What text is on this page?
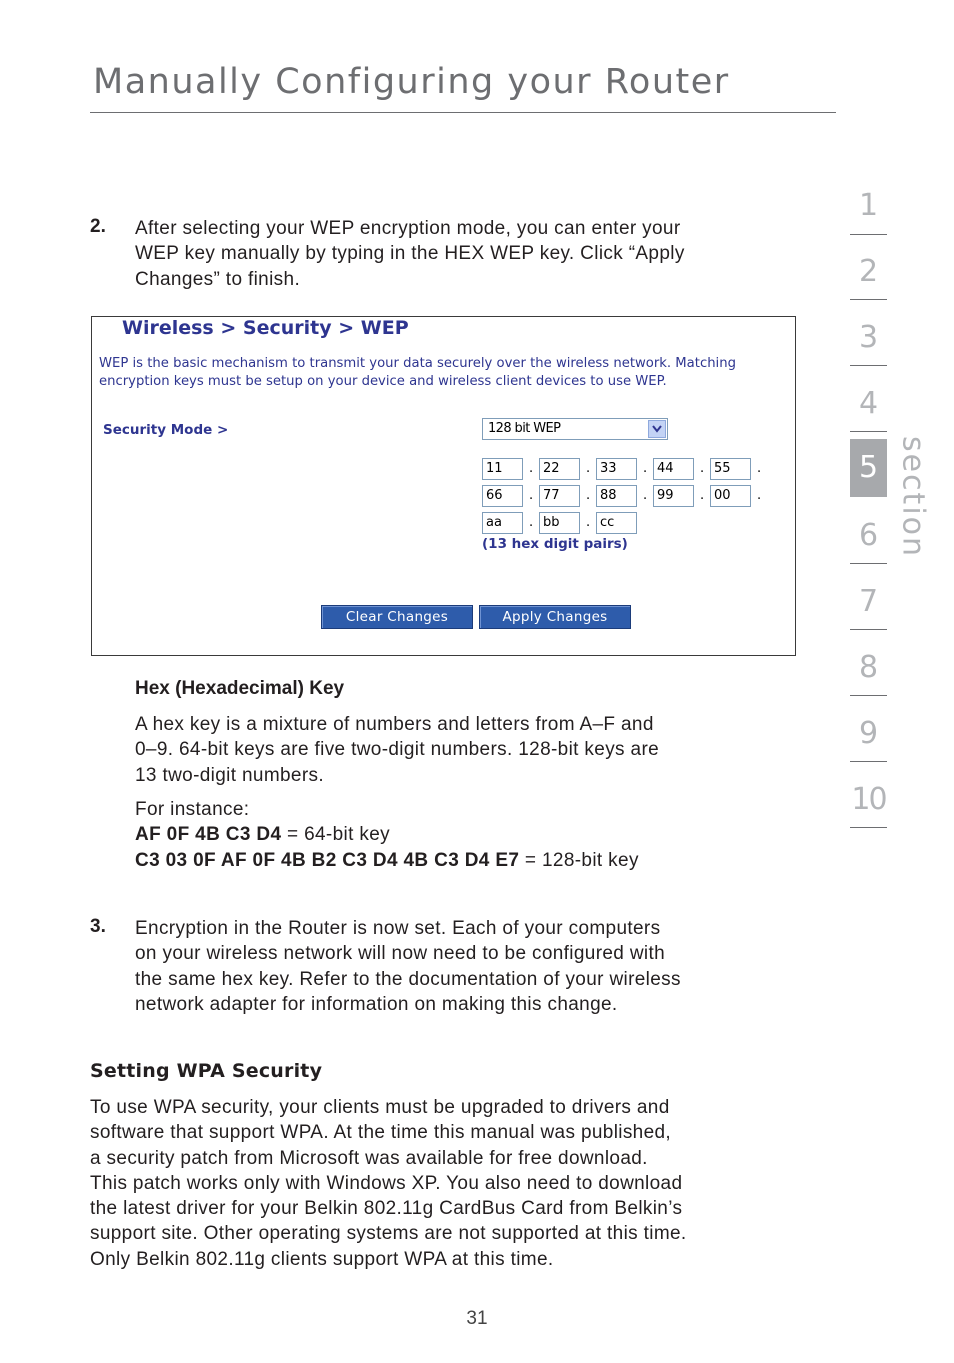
Manually Configuring your Router
2. After selecting your WEP encryption mode, you can enter your

WEP key manually by typing in the HEX WEP key. Click “Apply

Changes” to finish.

Wireless > Security > WEP
WEP is the basic mechanism to transmit your data securely over the wireless network. Matching
encryption keys must be setup on your device and wireless client devices to use WEP.
Security Mode >	128 bit WEP
11	. 22	. 33	. 44	. 55	.
66	. 77	. 88	. 99	. 00	.
aa	. bb	. cc
(13 hex digit pairs)
Clear Changes	Apply Changes
Hex (Hexadecimal) Key

A hex key is a mixture of numbers and letters from A–F and

0–9. 64-bit keys are five two-digit numbers. 128-bit keys are

13 two-digit numbers.

For instance:

AF 0F 4B C3 D4 = 64-bit key

C3 03 0F AF 0F 4B B2 C3 D4 4B C3 D4 E7 = 128-bit key

3. Encryption in the Router is now set. Each of your computers

on your wireless network will now need to be configured with

the same hex key. Refer to the documentation of your wireless

network adapter for information on making this change.

Setting WPA Security

To use WPA security, your clients must be upgraded to drivers and

software that support WPA. At the time this manual was published,

a security patch from Microsoft was available for free download.

This patch works only with Windows XP. You also need to download

the latest driver for your Belkin 802.11g CardBus Card from Belkin’s

support site. Other operating systems are not supported at this time.

Only Belkin 802.11g clients support WPA at this time.

1
2
3
4
5
6
7
8
9
10
section
31
